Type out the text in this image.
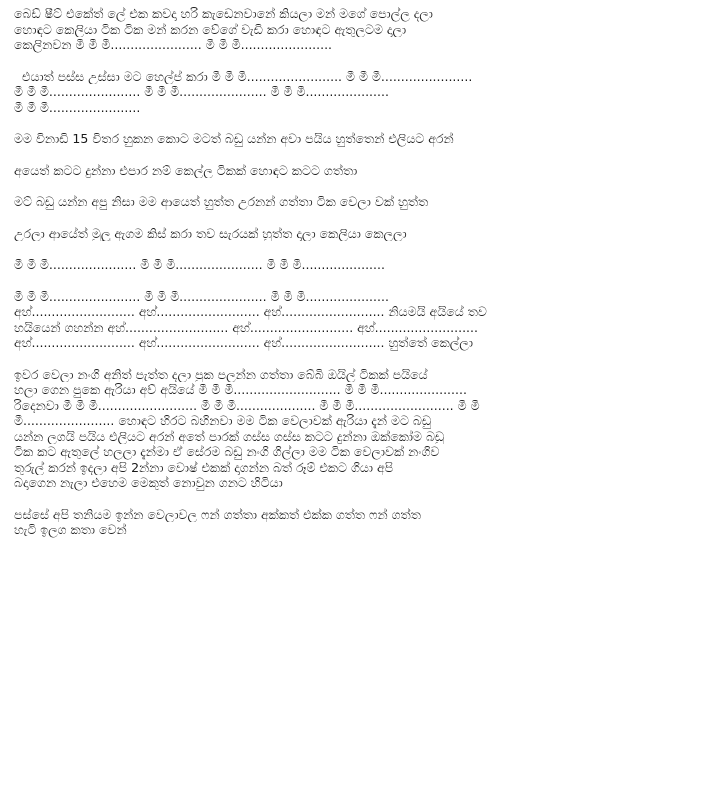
බෙඩ් ෂීට් එකේත් ලේ එක කවදා හරි කැඩෙනවානේ කියලා මන් මගේ පොල්ල දලා
හොඳට කෙලියා ටික ටික මන් කරන වේගේ වැඩි කරා හොඳට ඇතුලටම දාලා
කෙලිනවන මී මී මී....................... මී මී මී.......................
එයාත් පස්ස උස්සා මට හෙල්ප් කරා මී මී මී........................ මී මී මී.......................
මී මී මී....................... මී මී මී...................... මී මී මී.....................
මී මී මී.......................
මම විනාඩි 15 විතර හුකන කොට මටත් බඩු යන්න අවා පයිය හුත්තෙන් එලියට අරන්
අයෙත් කටට දුන්නා එපාර නම් කෙල්ල ටිකක් හොඳට කටට ගත්තා
මට් බඩු යන්න අපු නිසා මම ආයෙත් හුත්ත උරනන් ගත්තා ටික වෙලා වක් හුත්ත
උරලා ආයේත් මුලු ඇගම කිස් කරා තව සැරයක් හුත්ත දාලා කෙලියා කෙලලා
මී මී මී...................... මී මී මී...................... මී මී මී.....................
මී මී මී....................... මී මී මී...................... මී මී මී.....................
අහ්.......................... අහ්.......................... අහ්.......................... නියමයි අයියේ තව
හයියෙන් ගහන්න අහ්.......................... අහ්.......................... අහ්..........................
අහ්.......................... අහ්.......................... අහ්.......................... හුත්තේ කෙල්ලා
ඉවර වෙලා නංගි අනිත් පැත්ත දලා පුක පලන්න ගත්තා බේබි ඔයිල් ටිකක් පයියේ
හලා ගෙන පුකෙ ඇරියා අව් අයියේ මී මී මී........................... මී මී මී......................
රිදෙනවා මී මී මී......................... මී මී මී.................... මී මී මී......................... මී මී
මී....................... හොඳට හිරට බහිනවා මම ටික වෙලාවක් ඇරියා දැන් මට බඩු
යන්න ලගයි පයිය එලියට අරන් අතේ පාරක් ගස්ස ගස්ස කටට දුන්නා ඔක්කෝම බඩු
ටික කට ඇතුලේ හලලා දැන්මා ඒ සේරම බඩු නංගි ගිල්ලා මම ටික වෙලාවක් නංගිව
තුරුල් කරන් ඉදලා අපි 2න්නා වොෂ් එකක් දාගන්න බත් රූම් එකට ගියා අපි
බදාගෙන නැලා එහෙම මෙකුත් නොවුන ගනට හිටියා
පස්සේ අපි තනියම ඉන්න වෙලාවල ෆන් ගත්තා අක්කත් එක්ක ගත්ත ෆන් ගත්ත
හැටි ඉලග කතා වෙන්
